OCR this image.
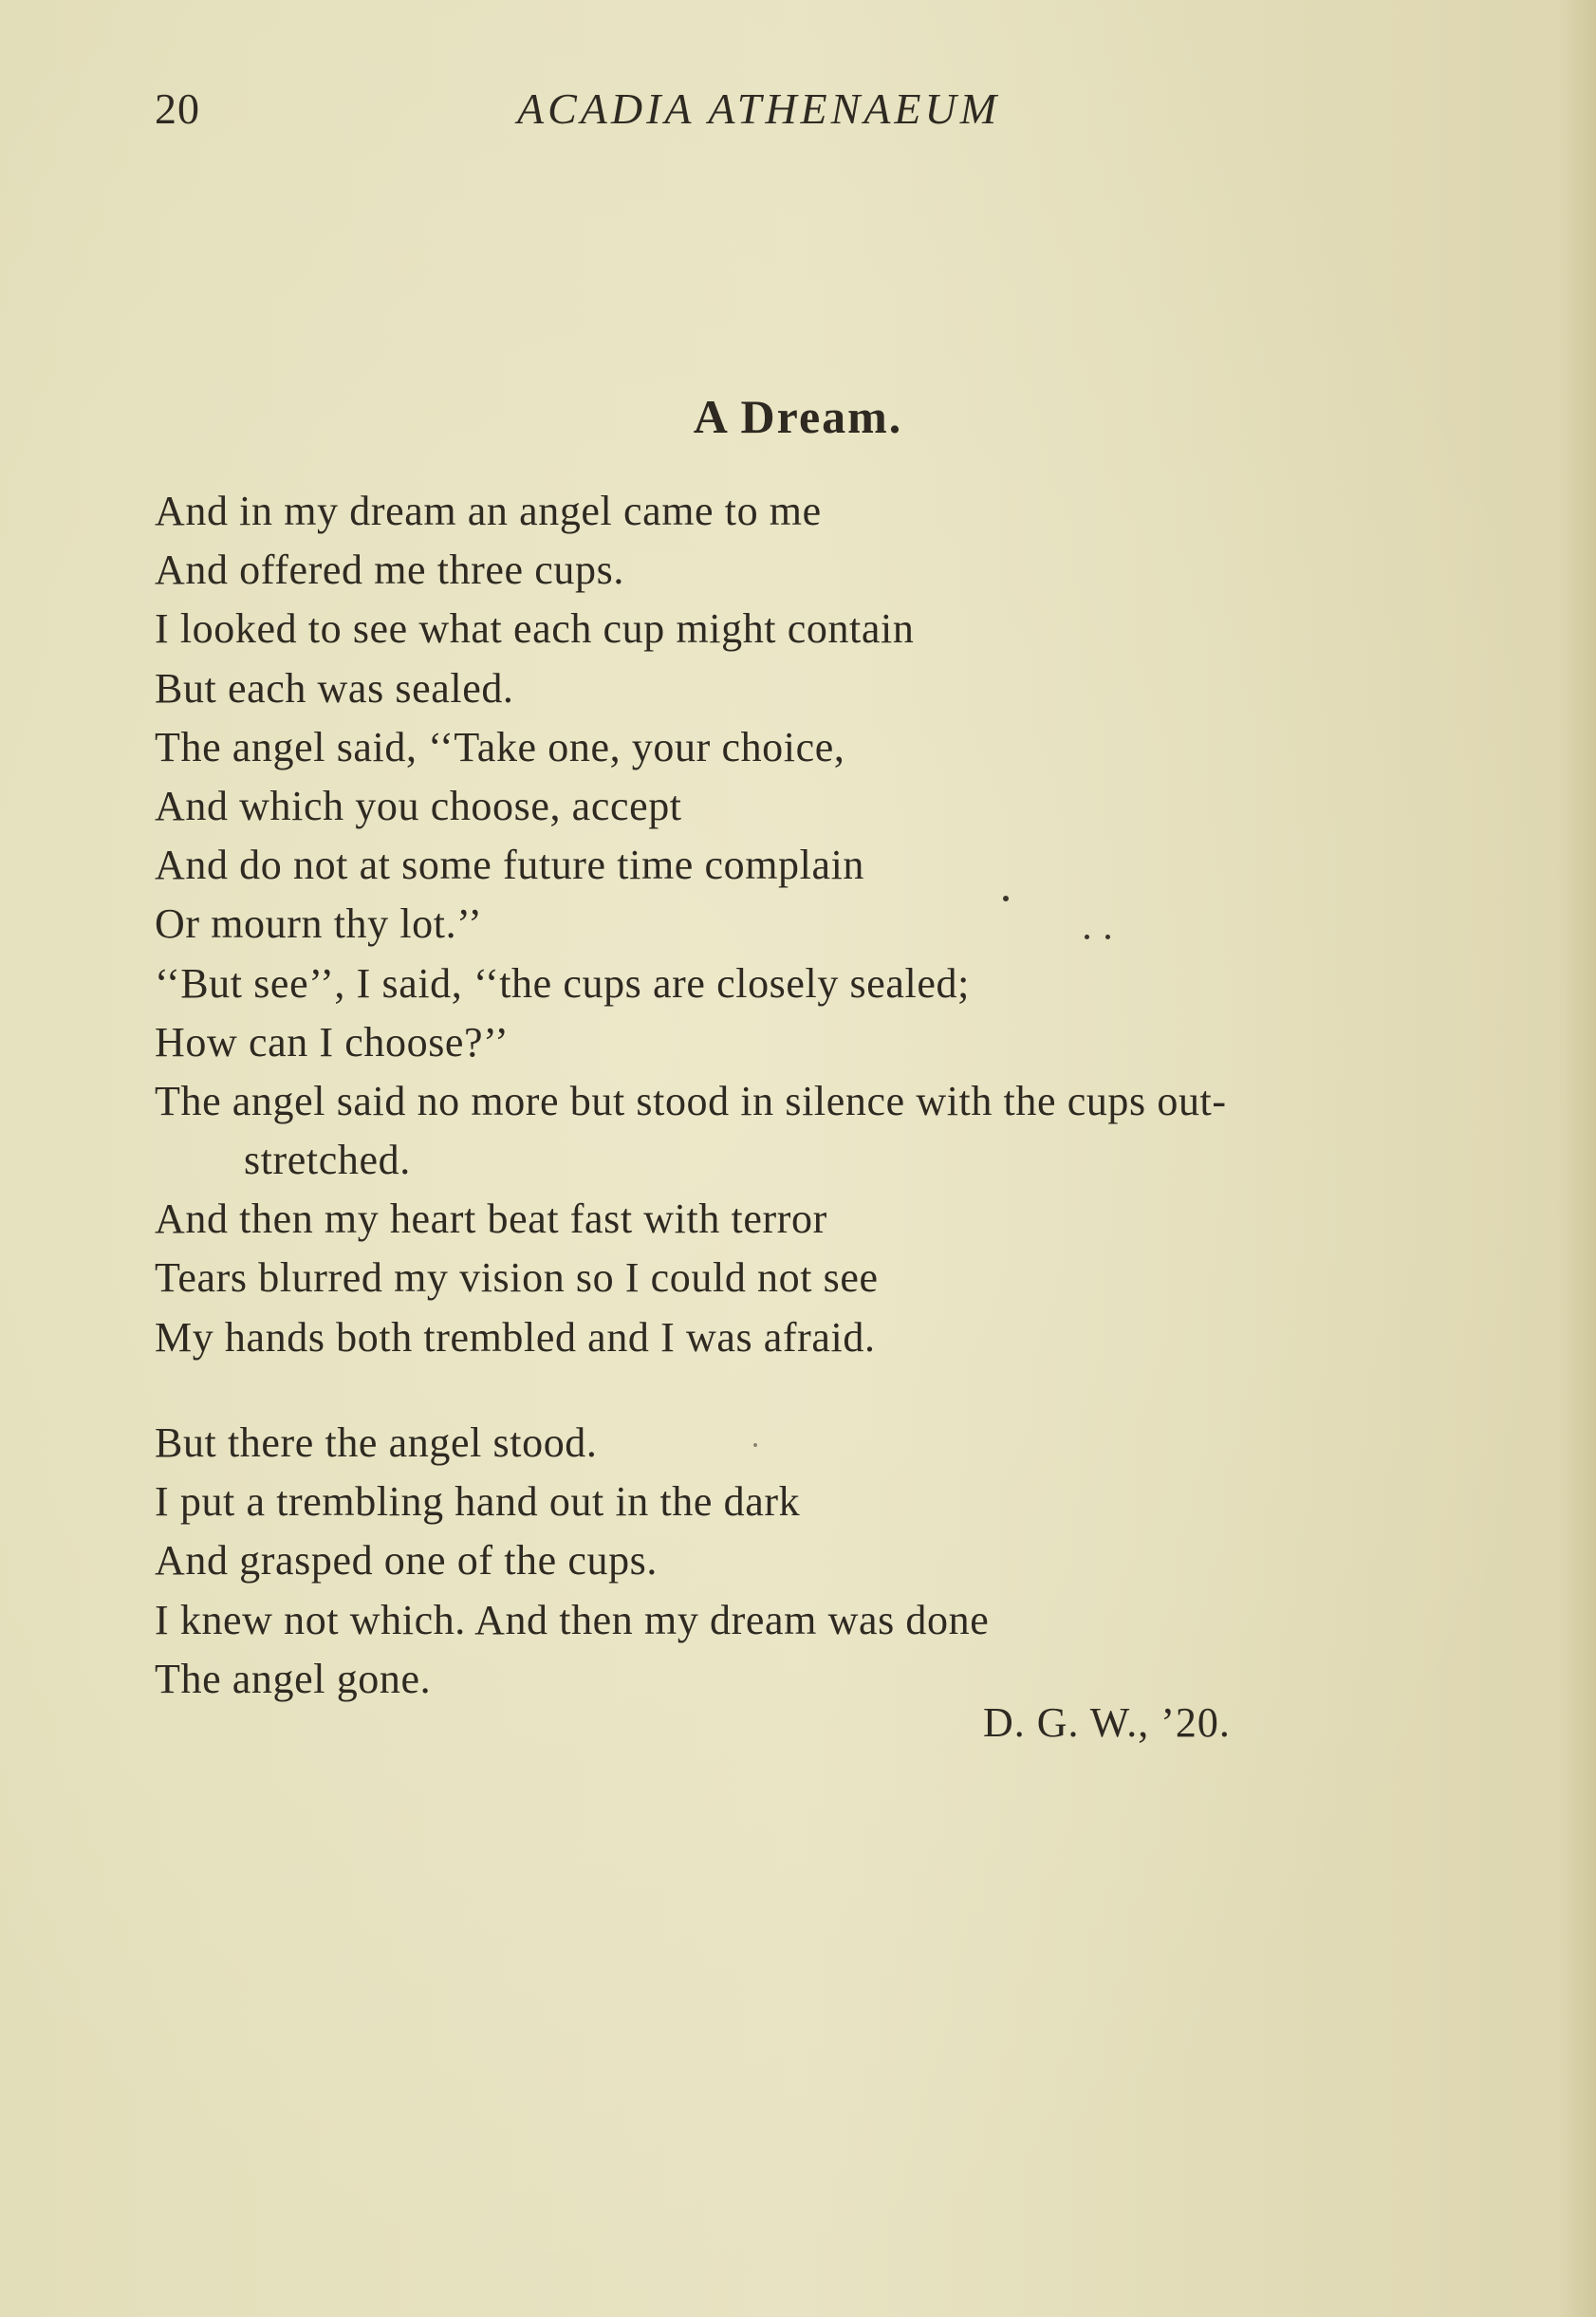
20	ACADIA ATHENAEUM
A Dream.
And in my dream an angel came to me
And offered me three cups.
I looked to see what each cup might contain
But each was sealed.
The angel said, ‘‘Take one, your choice,
And which you choose, accept
And do not at some future time complain
Or mourn thy lot.’’
‘‘But see’’, I said, ‘‘the cups are closely sealed;
How can I choose?’’
The angel said no more but stood in silence with the cups out-
stretched.
And then my heart beat fast with terror
Tears blurred my vision so I could not see
My hands both trembled and I was afraid.
But there the angel stood.
I put a trembling hand out in the dark
And grasped one of the cups.
I knew not which. And then my dream was done
The angel gone.
D. G. W., ’20.
